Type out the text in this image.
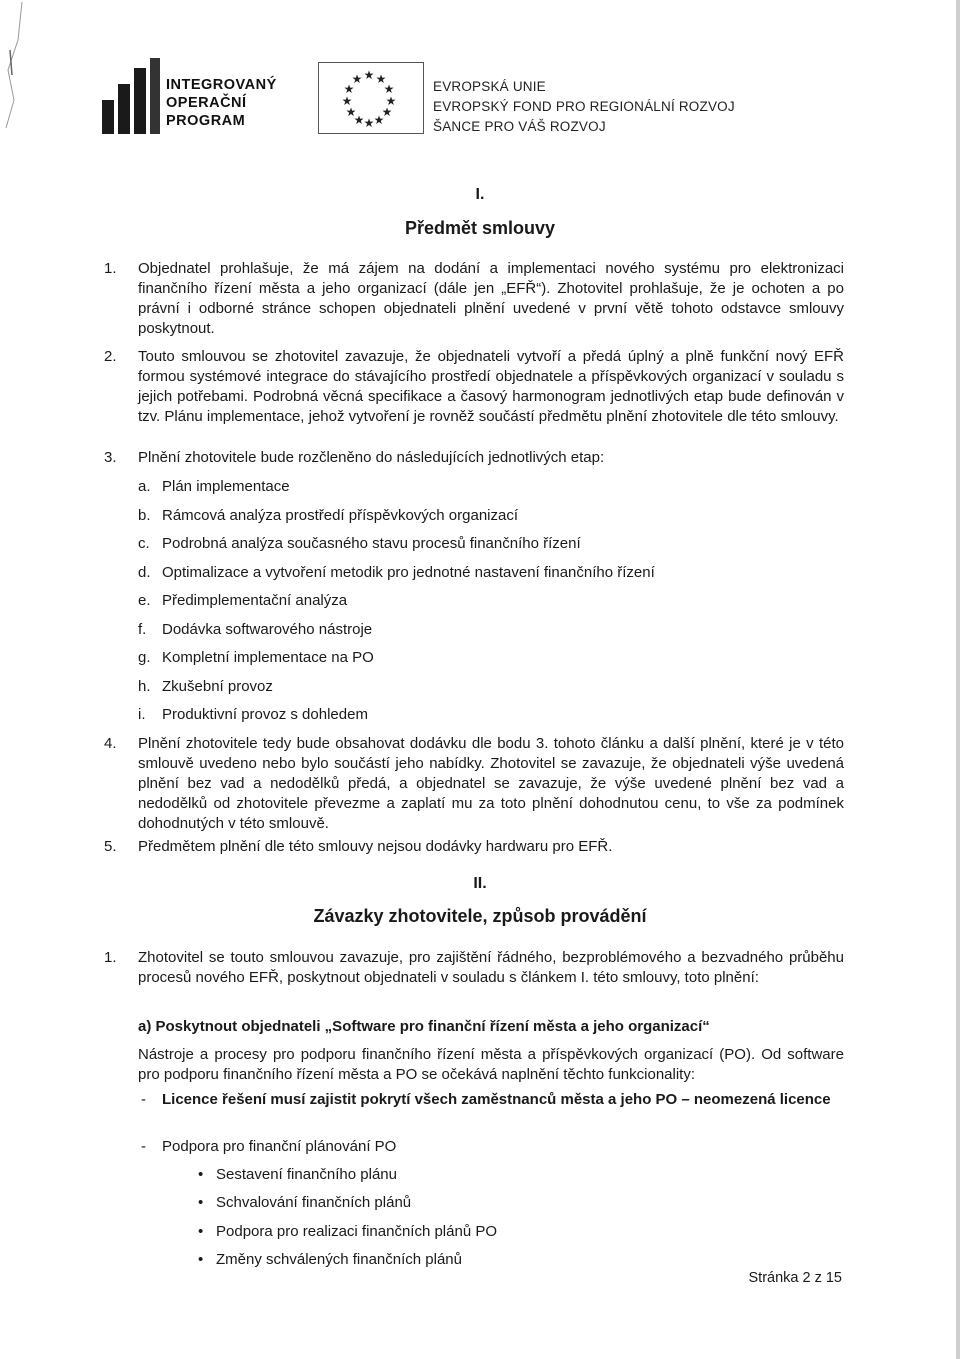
INTEGROVANÝ
OPERAČNÍ
PROGRAM
★
★ ★
★ ★
★	★
★ ★
★ ★
★
EVROPSKÁ UNIE
EVROPSKÝ FOND PRO REGIONÁLNÍ ROZVOJ
ŠANCE PRO VÁŠ ROZVOJ
I.
Předmět smlouvy
1. Objednatel prohlašuje, že má zájem na dodání a implementaci nového systému pro elektronizaci finančního řízení města a jeho organizací (dále jen „EFŘ“). Zhotovitel prohlašuje, že je ochoten a po právní i odborné stránce schopen objednateli plnění uvedené v první větě tohoto odstavce smlouvy poskytnout.
2. Touto smlouvou se zhotovitel zavazuje, že objednateli vytvoří a předá úplný a plně funkční nový EFŘ formou systémové integrace do stávajícího prostředí objednatele a příspěvkových organizací v souladu s jejich potřebami. Podrobná věcná specifikace a časový harmonogram jednotlivých etap bude definován v tzv. Plánu implementace, jehož vytvoření je rovněž součástí předmětu plnění zhotovitele dle této smlouvy.
3. Plnění zhotovitele bude rozčleněno do následujících jednotlivých etap:
a. Plán implementace
b. Rámcová analýza prostředí příspěvkových organizací
c. Podrobná analýza současného stavu procesů finančního řízení
d. Optimalizace a vytvoření metodik pro jednotné nastavení finančního řízení
e. Předimplementační analýza
f. Dodávka softwarového nástroje
g. Kompletní implementace na PO
h. Zkušební provoz
i. Produktivní provoz s dohledem
4. Plnění zhotovitele tedy bude obsahovat dodávku dle bodu 3. tohoto článku a další plnění, které je v této smlouvě uvedeno nebo bylo součástí jeho nabídky. Zhotovitel se zavazuje, že objednateli výše uvedená plnění bez vad a nedodělků předá, a objednatel se zavazuje, že výše uvedené plnění bez vad a nedodělků od zhotovitele převezme a zaplatí mu za toto plnění dohodnutou cenu, to vše za podmínek dohodnutých v této smlouvě.
5. Předmětem plnění dle této smlouvy nejsou dodávky hardwaru pro EFŘ.
II.
Závazky zhotovitele, způsob provádění
1. Zhotovitel se touto smlouvou zavazuje, pro zajištění řádného, bezproblémového a bezvadného průběhu procesů nového EFŘ, poskytnout objednateli v souladu s článkem I. této smlouvy, toto plnění:
a) Poskytnout objednateli „Software pro finanční řízení města a jeho organizací“
Nástroje a procesy pro podporu finančního řízení města a příspěvkových organizací (PO). Od software pro podporu finančního řízení města a PO se očekává naplnění těchto funkcionality:
- Licence řešení musí zajistit pokrytí všech zaměstnanců města a jeho PO – neomezená licence
- Podpora pro finanční plánování PO
• Sestavení finančního plánu
• Schvalování finančních plánů
• Podpora pro realizaci finančních plánů PO
• Změny schválených finančních plánů
Stránka 2 z 15
